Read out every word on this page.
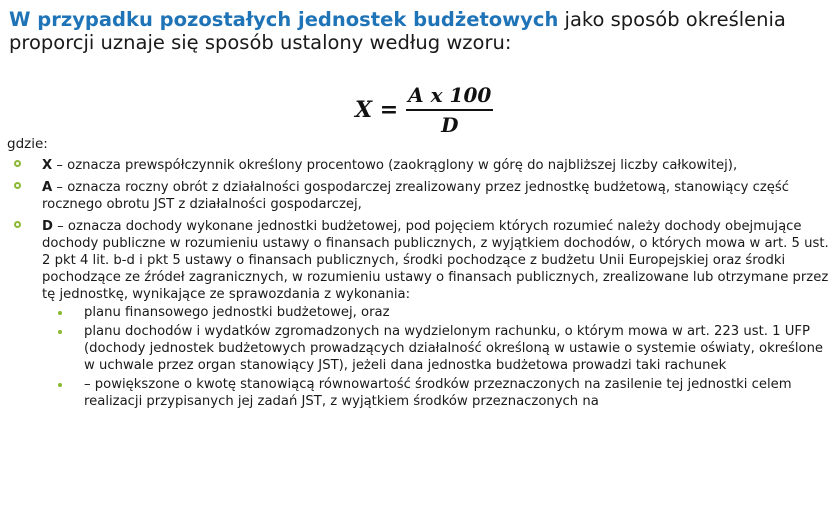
W przypadku pozostałych jednostek budżetowych jako sposób określenia proporcji uznaje się sposób ustalony według wzoru:
$X = \frac{\text{A x 100}}{D}$
gdzie:
X – oznacza prewspółczynnik określony procentowo (zaokrąglony w górę do najbliższej liczby całkowitej),
A – oznacza roczny obrót z działalności gospodarczej zrealizowany przez jednostkę budżetową, stanowiący część rocznego obrotu JST z działalności gospodarczej,
D – oznacza dochody wykonane jednostki budżetowej, pod pojęciem których rozumieć należy dochody obejmujące dochody publiczne w rozumieniu ustawy o finansach publicznych, z wyjątkiem dochodów, o których mowa w art. 5 ust. 2 pkt 4 lit. b-d i pkt 5 ustawy o finansach publicznych, środki pochodzące z budżetu Unii Europejskiej oraz środki pochodzące ze źródeł zagranicznych, w rozumieniu ustawy o finansach publicznych, zrealizowane lub otrzymane przez tę jednostkę, wynikające ze sprawozdania z wykonania:
planu finansowego jednostki budżetowej, oraz
planu dochodów i wydatków zgromadzonych na wydzielonym rachunku, o którym mowa w art. 223 ust. 1 UFP (dochody jednostek budżetowych prowadzących działalność określoną w ustawie o systemie oświaty, określone w uchwale przez organ stanowiący JST), jeżeli dana jednostka budżetowa prowadzi taki rachunek
– powiększone o kwotę stanowiącą równowartość środków przeznaczonych na zasilenie tej jednostki celem realizacji przypisanych jej zadań JST, z wyjątkiem środków przeznaczonych na
